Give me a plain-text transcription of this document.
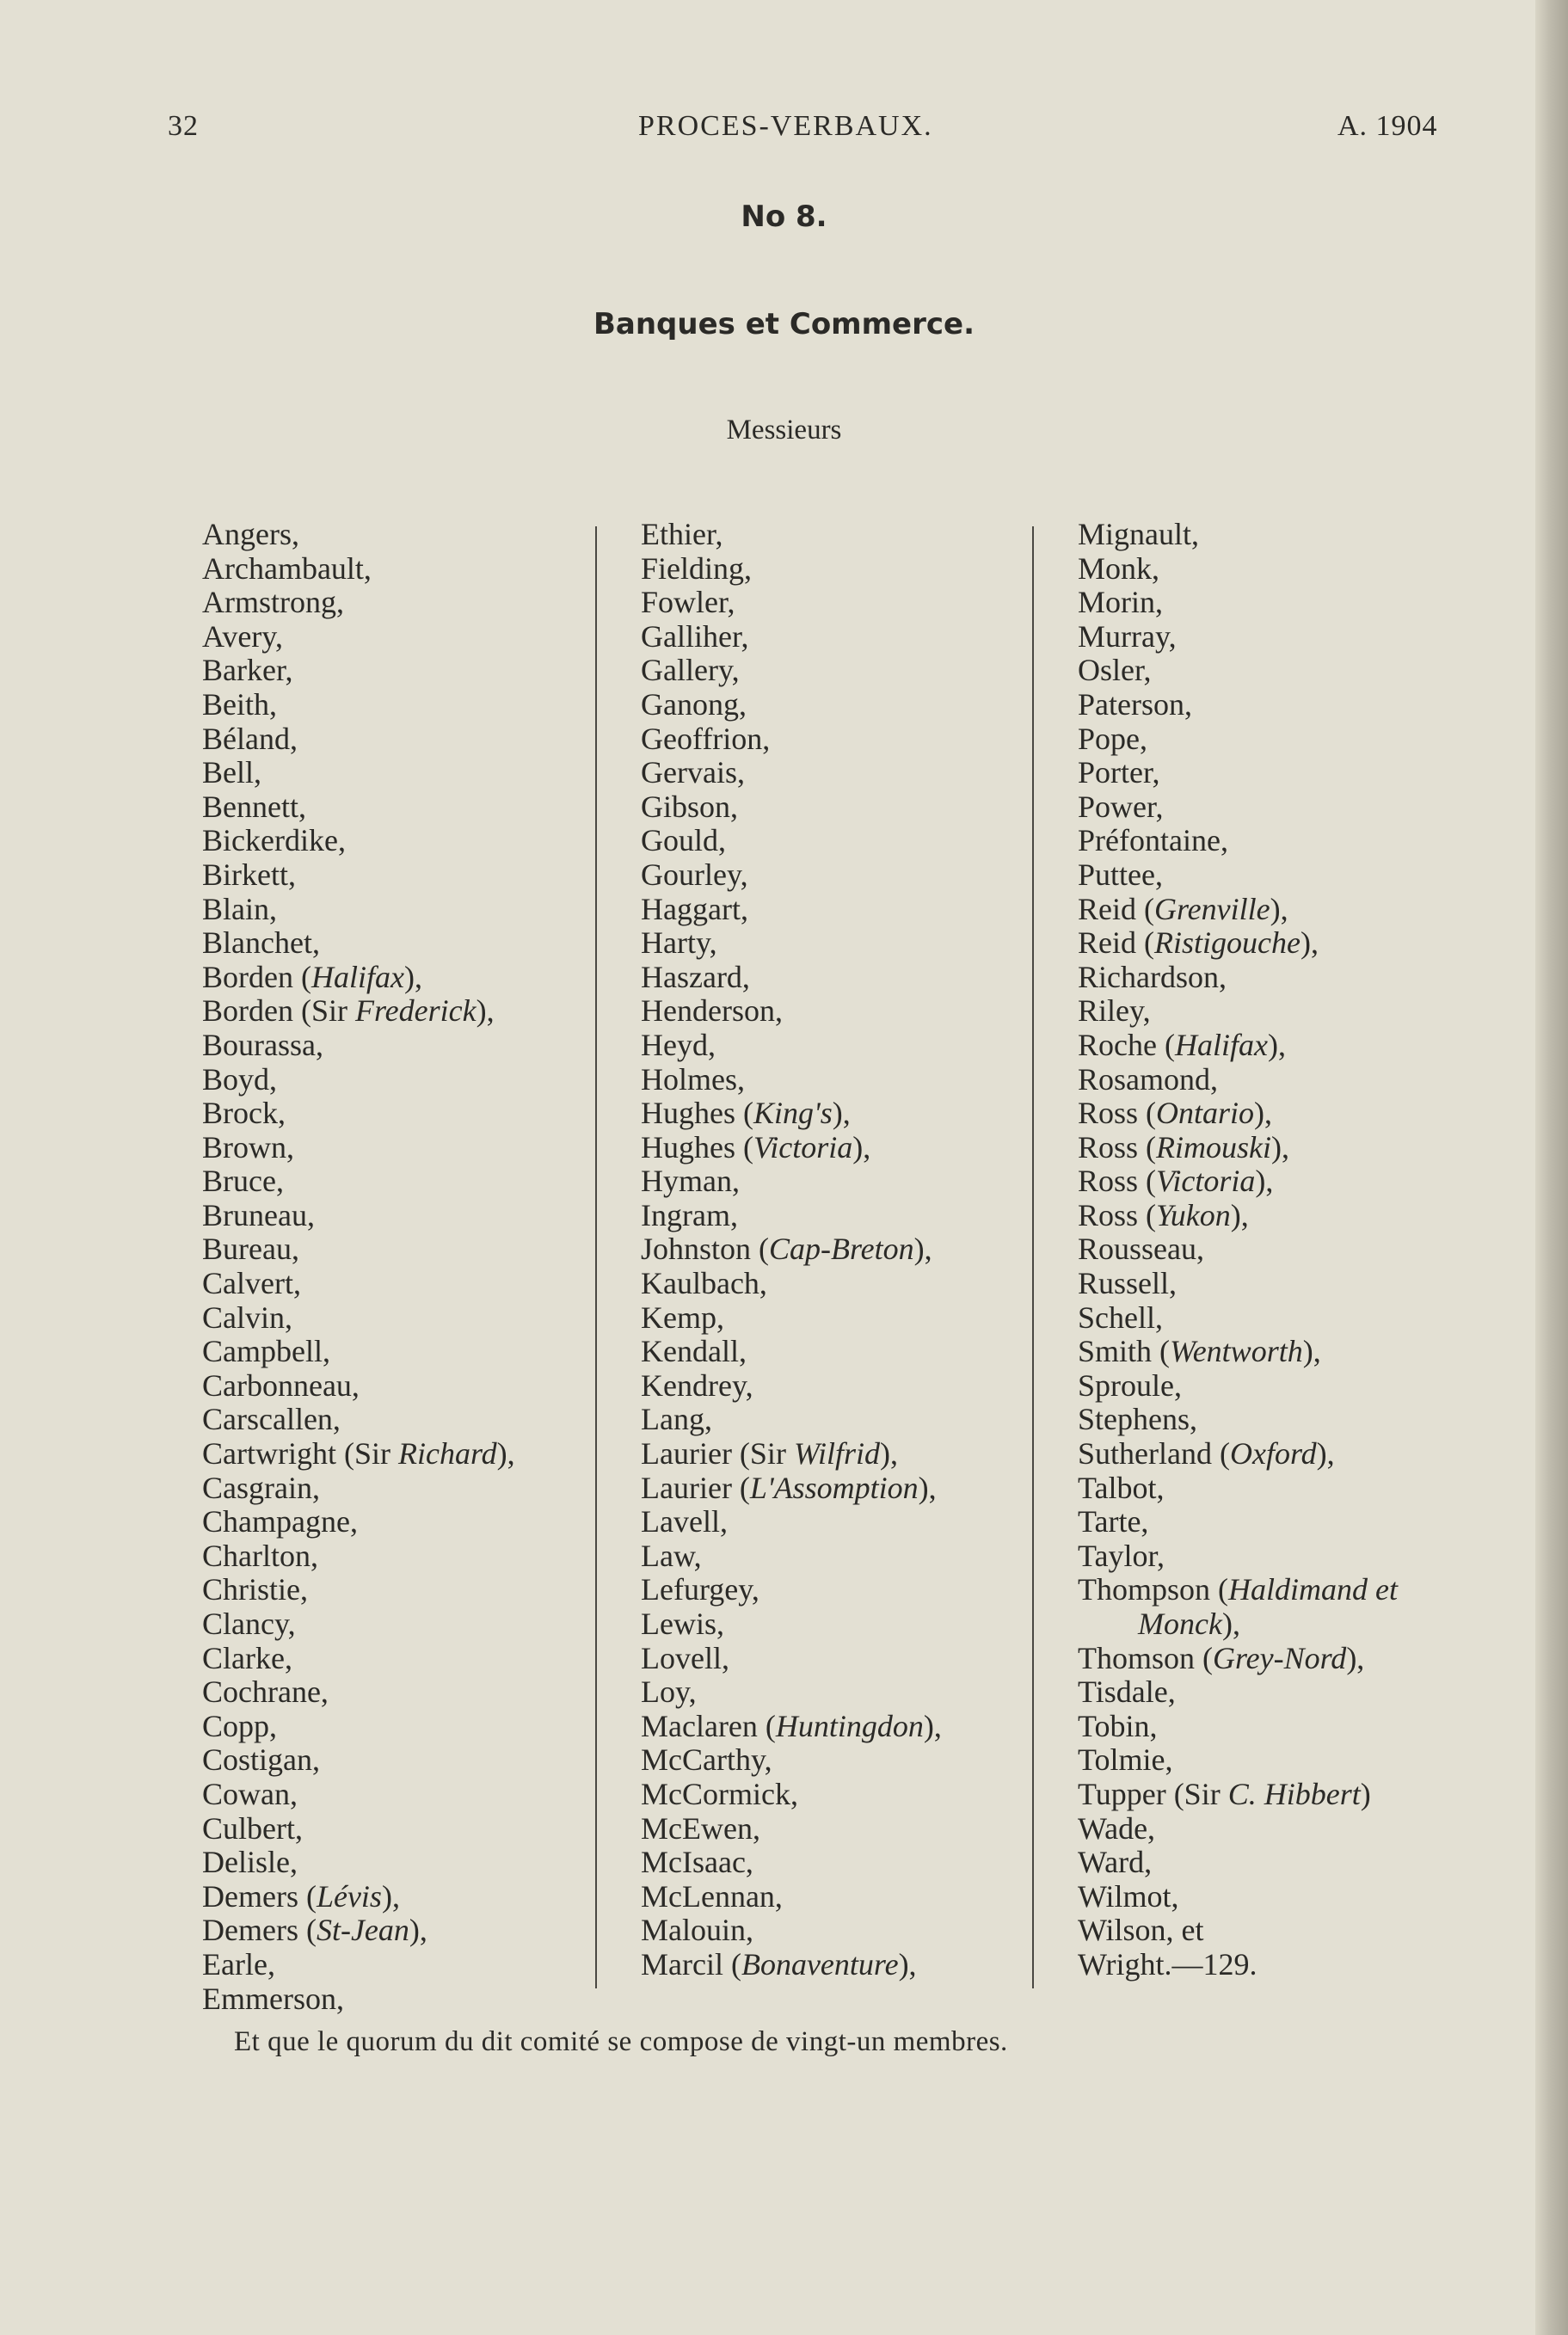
32	PROCES-VERBAUX.	A. 1904
No 8.
Banques et Commerce.
Messieurs
Angers,
Archambault,
Armstrong,
Avery,
Barker,
Beith,
Béland,
Bell,
Bennett,
Bickerdike,
Birkett,
Blain,
Blanchet,
Borden (Halifax),
Borden (Sir Frederick),
Bourassa,
Boyd,
Brock,
Brown,
Bruce,
Bruneau,
Bureau,
Calvert,
Calvin,
Campbell,
Carbonneau,
Carscallen,
Cartwright (Sir Richard),
Casgrain,
Champagne,
Charlton,
Christie,
Clancy,
Clarke,
Cochrane,
Copp,
Costigan,
Cowan,
Culbert,
Delisle,
Demers (Lévis),
Demers (St-Jean),
Earle,
Emmerson,
Ethier,
Fielding,
Fowler,
Galliher,
Gallery,
Ganong,
Geoffrion,
Gervais,
Gibson,
Gould,
Gourley,
Haggart,
Harty,
Haszard,
Henderson,
Heyd,
Holmes,
Hughes (King's),
Hughes (Victoria),
Hyman,
Ingram,
Johnston (Cap-Breton),
Kaulbach,
Kemp,
Kendall,
Kendrey,
Lang,
Laurier (Sir Wilfrid),
Laurier (L'Assomption),
Lavell,
Law,
Lefurgey,
Lewis,
Lovell,
Loy,
Maclaren (Huntingdon),
McCarthy,
McCormick,
McEwen,
McIsaac,
McLennan,
Malouin,
Marcil (Bonaventure),
Mignault,
Monk,
Morin,
Murray,
Osler,
Paterson,
Pope,
Porter,
Power,
Préfontaine,
Puttee,
Reid (Grenville),
Reid (Ristigouche),
Richardson,
Riley,
Roche (Halifax),
Rosamond,
Ross (Ontario),
Ross (Rimouski),
Ross (Victoria),
Ross (Yukon),
Rousseau,
Russell,
Schell,
Smith (Wentworth),
Sproule,
Stephens,
Sutherland (Oxford),
Talbot,
Tarte,
Taylor,
Thompson (Haldimand et
Monck),
Thomson (Grey-Nord),
Tisdale,
Tobin,
Tolmie,
Tupper (Sir C. Hibbert)
Wade,
Ward,
Wilmot,
Wilson, et
Wright.—129.
Et que le quorum du dit comité se compose de vingt-un membres.
